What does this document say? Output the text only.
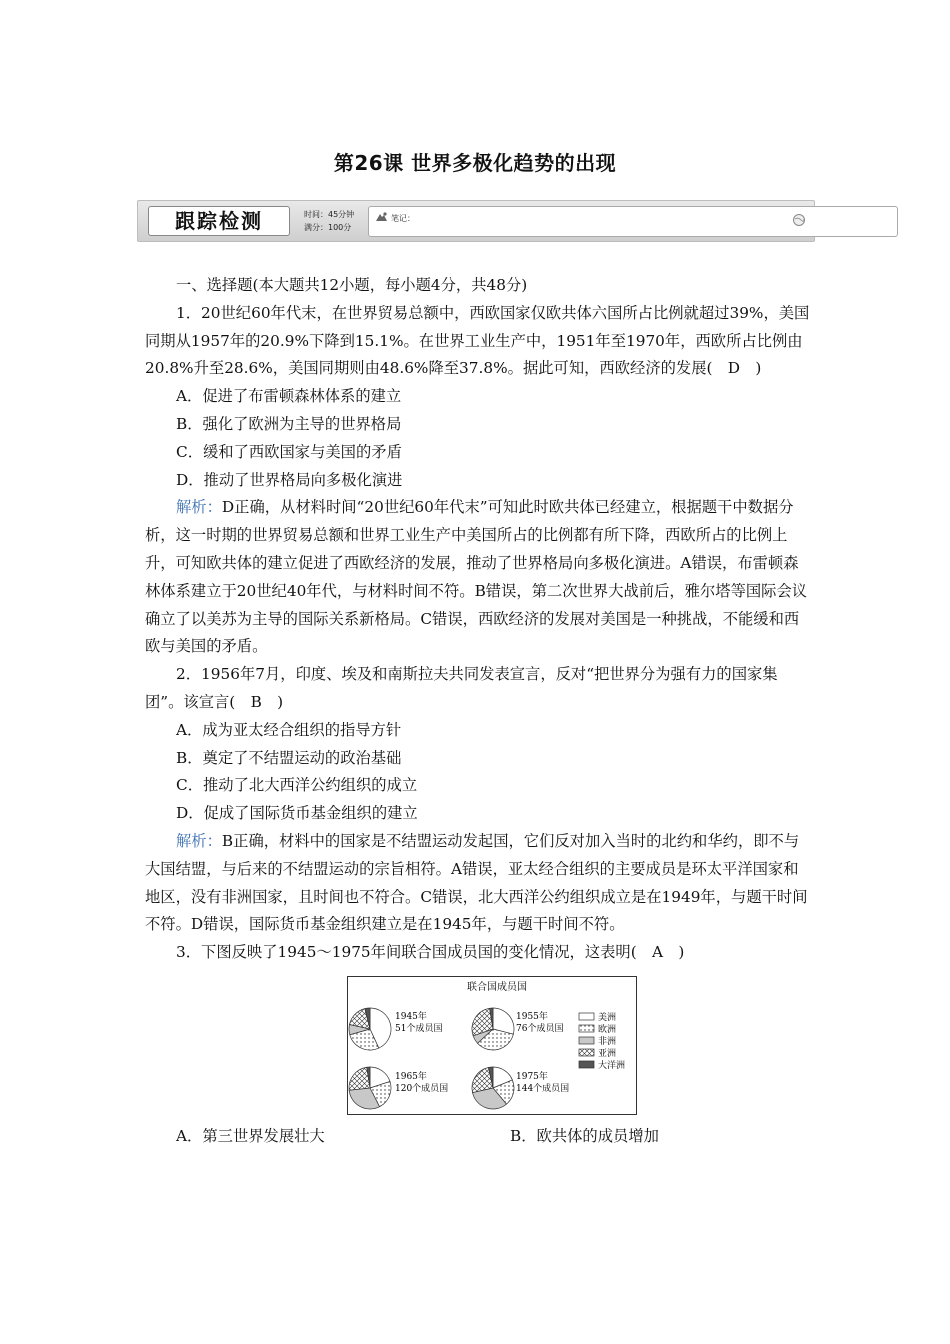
第26课 世界多极化趋势的出现
跟踪检测	时间：45分钟
满分：100分
笔记：

一、选择题(本大题共12小题，每小题4分，共48分)

1．20世纪60年代末，在世界贸易总额中，西欧国家仅欧共体六国所占比例就超过39%，美国同期从1957年的20.9%下降到15.1%。在世界工业生产中，1951年至1970年，西欧所占比例由20.8%升至28.6%，美国同期则由48.6%降至37.8%。据此可知，西欧经济的发展(　D　)

A．促进了布雷顿森林体系的建立

B．强化了欧洲为主导的世界格局

C．缓和了西欧国家与美国的矛盾

D．推动了世界格局向多极化演进

解析：D正确，从材料时间“20世纪60年代末”可知此时欧共体已经建立，根据题干中数据分析，这一时期的世界贸易总额和世界工业生产中美国所占的比例都有所下降，西欧所占的比例上升，可知欧共体的建立促进了西欧经济的发展，推动了世界格局向多极化演进。A错误，布雷顿森林体系建立于20世纪40年代，与材料时间不符。B错误，第二次世界大战前后，雅尔塔等国际会议确立了以美苏为主导的国际关系新格局。C错误，西欧经济的发展对美国是一种挑战，不能缓和西欧与美国的矛盾。

2．1956年7月，印度、埃及和南斯拉夫共同发表宣言，反对“把世界分为强有力的国家集团”。该宣言(　B　)

A．成为亚太经合组织的指导方针

B．奠定了不结盟运动的政治基础

C．推动了北大西洋公约组织的成立

D．促成了国际货币基金组织的建立

解析：B正确，材料中的国家是不结盟运动发起国，它们反对加入当时的北约和华约，即不与大国结盟，与后来的不结盟运动的宗旨相符。A错误，亚太经合组织的主要成员是环太平洋国家和地区，没有非洲国家，且时间也不符合。C错误，北大西洋公约组织成立是在1949年，与题干时间不符。D错误，国际货币基金组织建立是在1945年，与题干时间不符。

3．下图反映了1945～1975年间联合国成员国的变化情况，这表明(　A　)

联合国成员国
1945年
51个成员国
1955年
76个成员国
1965年
120个成员国
1975年
144个成员国
美洲
欧洲
非洲
亚洲
大洋洲
A．第三世界发展壮大	B．欧共体的成员增加
